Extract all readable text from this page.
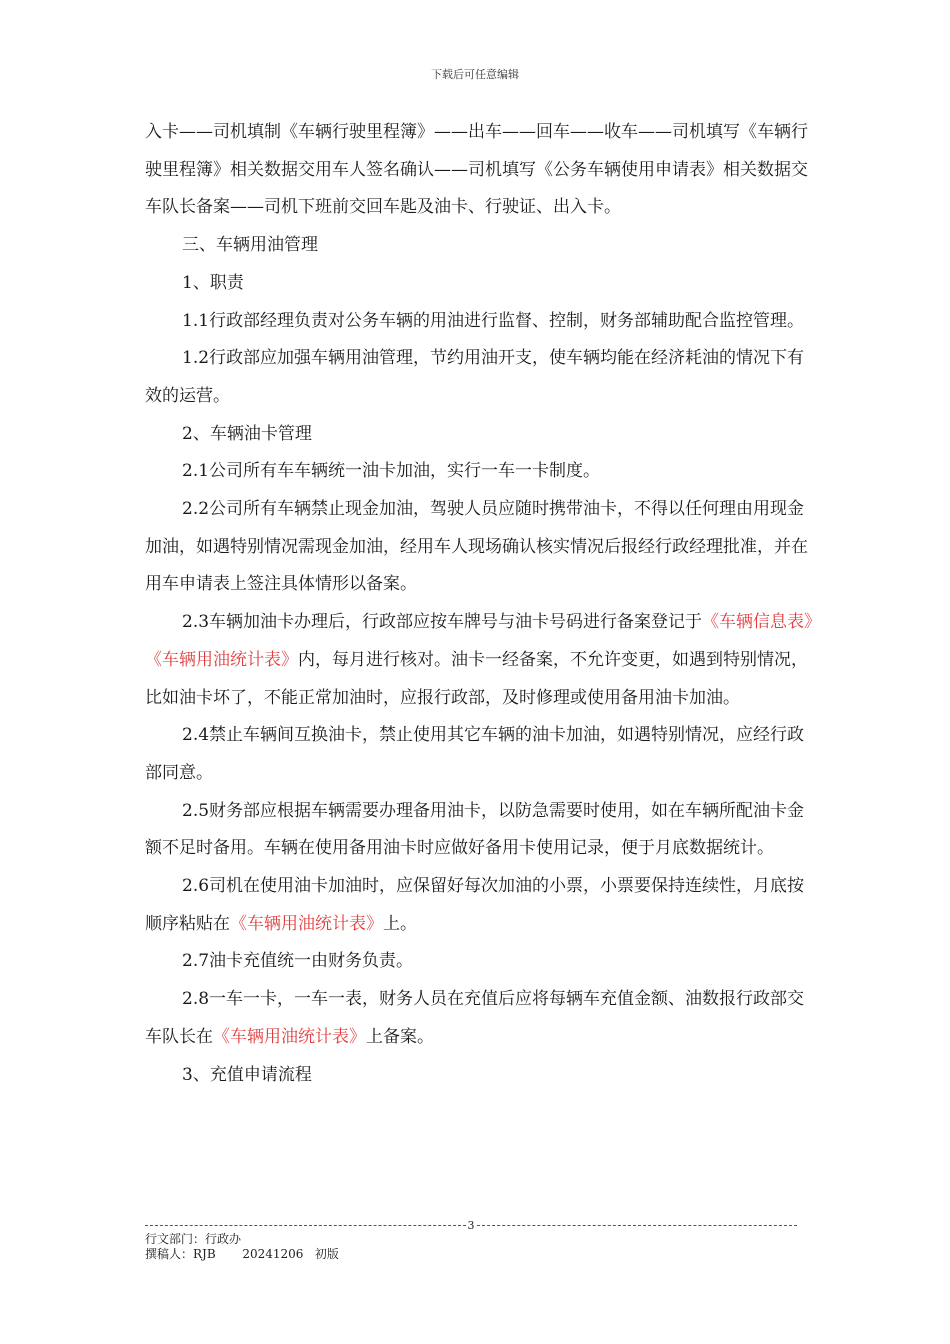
下载后可任意编辑

入卡——司机填制《车辆行驶里程簿》——出车——回车——收车——司机填写《车辆行驶里程簿》相关数据交用车人签名确认——司机填写《公务车辆使用申请表》相关数据交车队长备案——司机下班前交回车匙及油卡、行驶证、出入卡。

三、车辆用油管理

1、职责

1.1行政部经理负责对公务车辆的用油进行监督、控制，财务部辅助配合监控管理。

1.2行政部应加强车辆用油管理，节约用油开支，使车辆均能在经济耗油的情况下有效的运营。

2、车辆油卡管理

2.1公司所有车车辆统一油卡加油，实行一车一卡制度。

2.2公司所有车辆禁止现金加油，驾驶人员应随时携带油卡，不得以任何理由用现金加油，如遇特别情况需现金加油，经用车人现场确认核实情况后报经行政经理批准，并在用车申请表上签注具体情形以备案。

2.3车辆加油卡办理后，行政部应按车牌号与油卡号码进行备案登记于《车辆信息表》《车辆用油统计表》内，每月进行核对。油卡一经备案，不允许变更，如遇到特别情况，比如油卡坏了，不能正常加油时，应报行政部，及时修理或使用备用油卡加油。

2.4禁止车辆间互换油卡，禁止使用其它车辆的油卡加油，如遇特别情况，应经行政部同意。

2.5财务部应根据车辆需要办理备用油卡，以防急需要时使用，如在车辆所配油卡金额不足时备用。车辆在使用备用油卡时应做好备用卡使用记录，便于月底数据统计。

2.6司机在使用油卡加油时，应保留好每次加油的小票，小票要保持连续性，月底按顺序粘贴在《车辆用油统计表》上。

2.7油卡充值统一由财务负责。

2.8一车一卡，一车一表，财务人员在充值后应将每辆车充值金额、油数报行政部交车队长在《车辆用油统计表》上备案。

3、充值申请流程

3
行文部门：行政办
撰稿人：RJB       20241206   初版
